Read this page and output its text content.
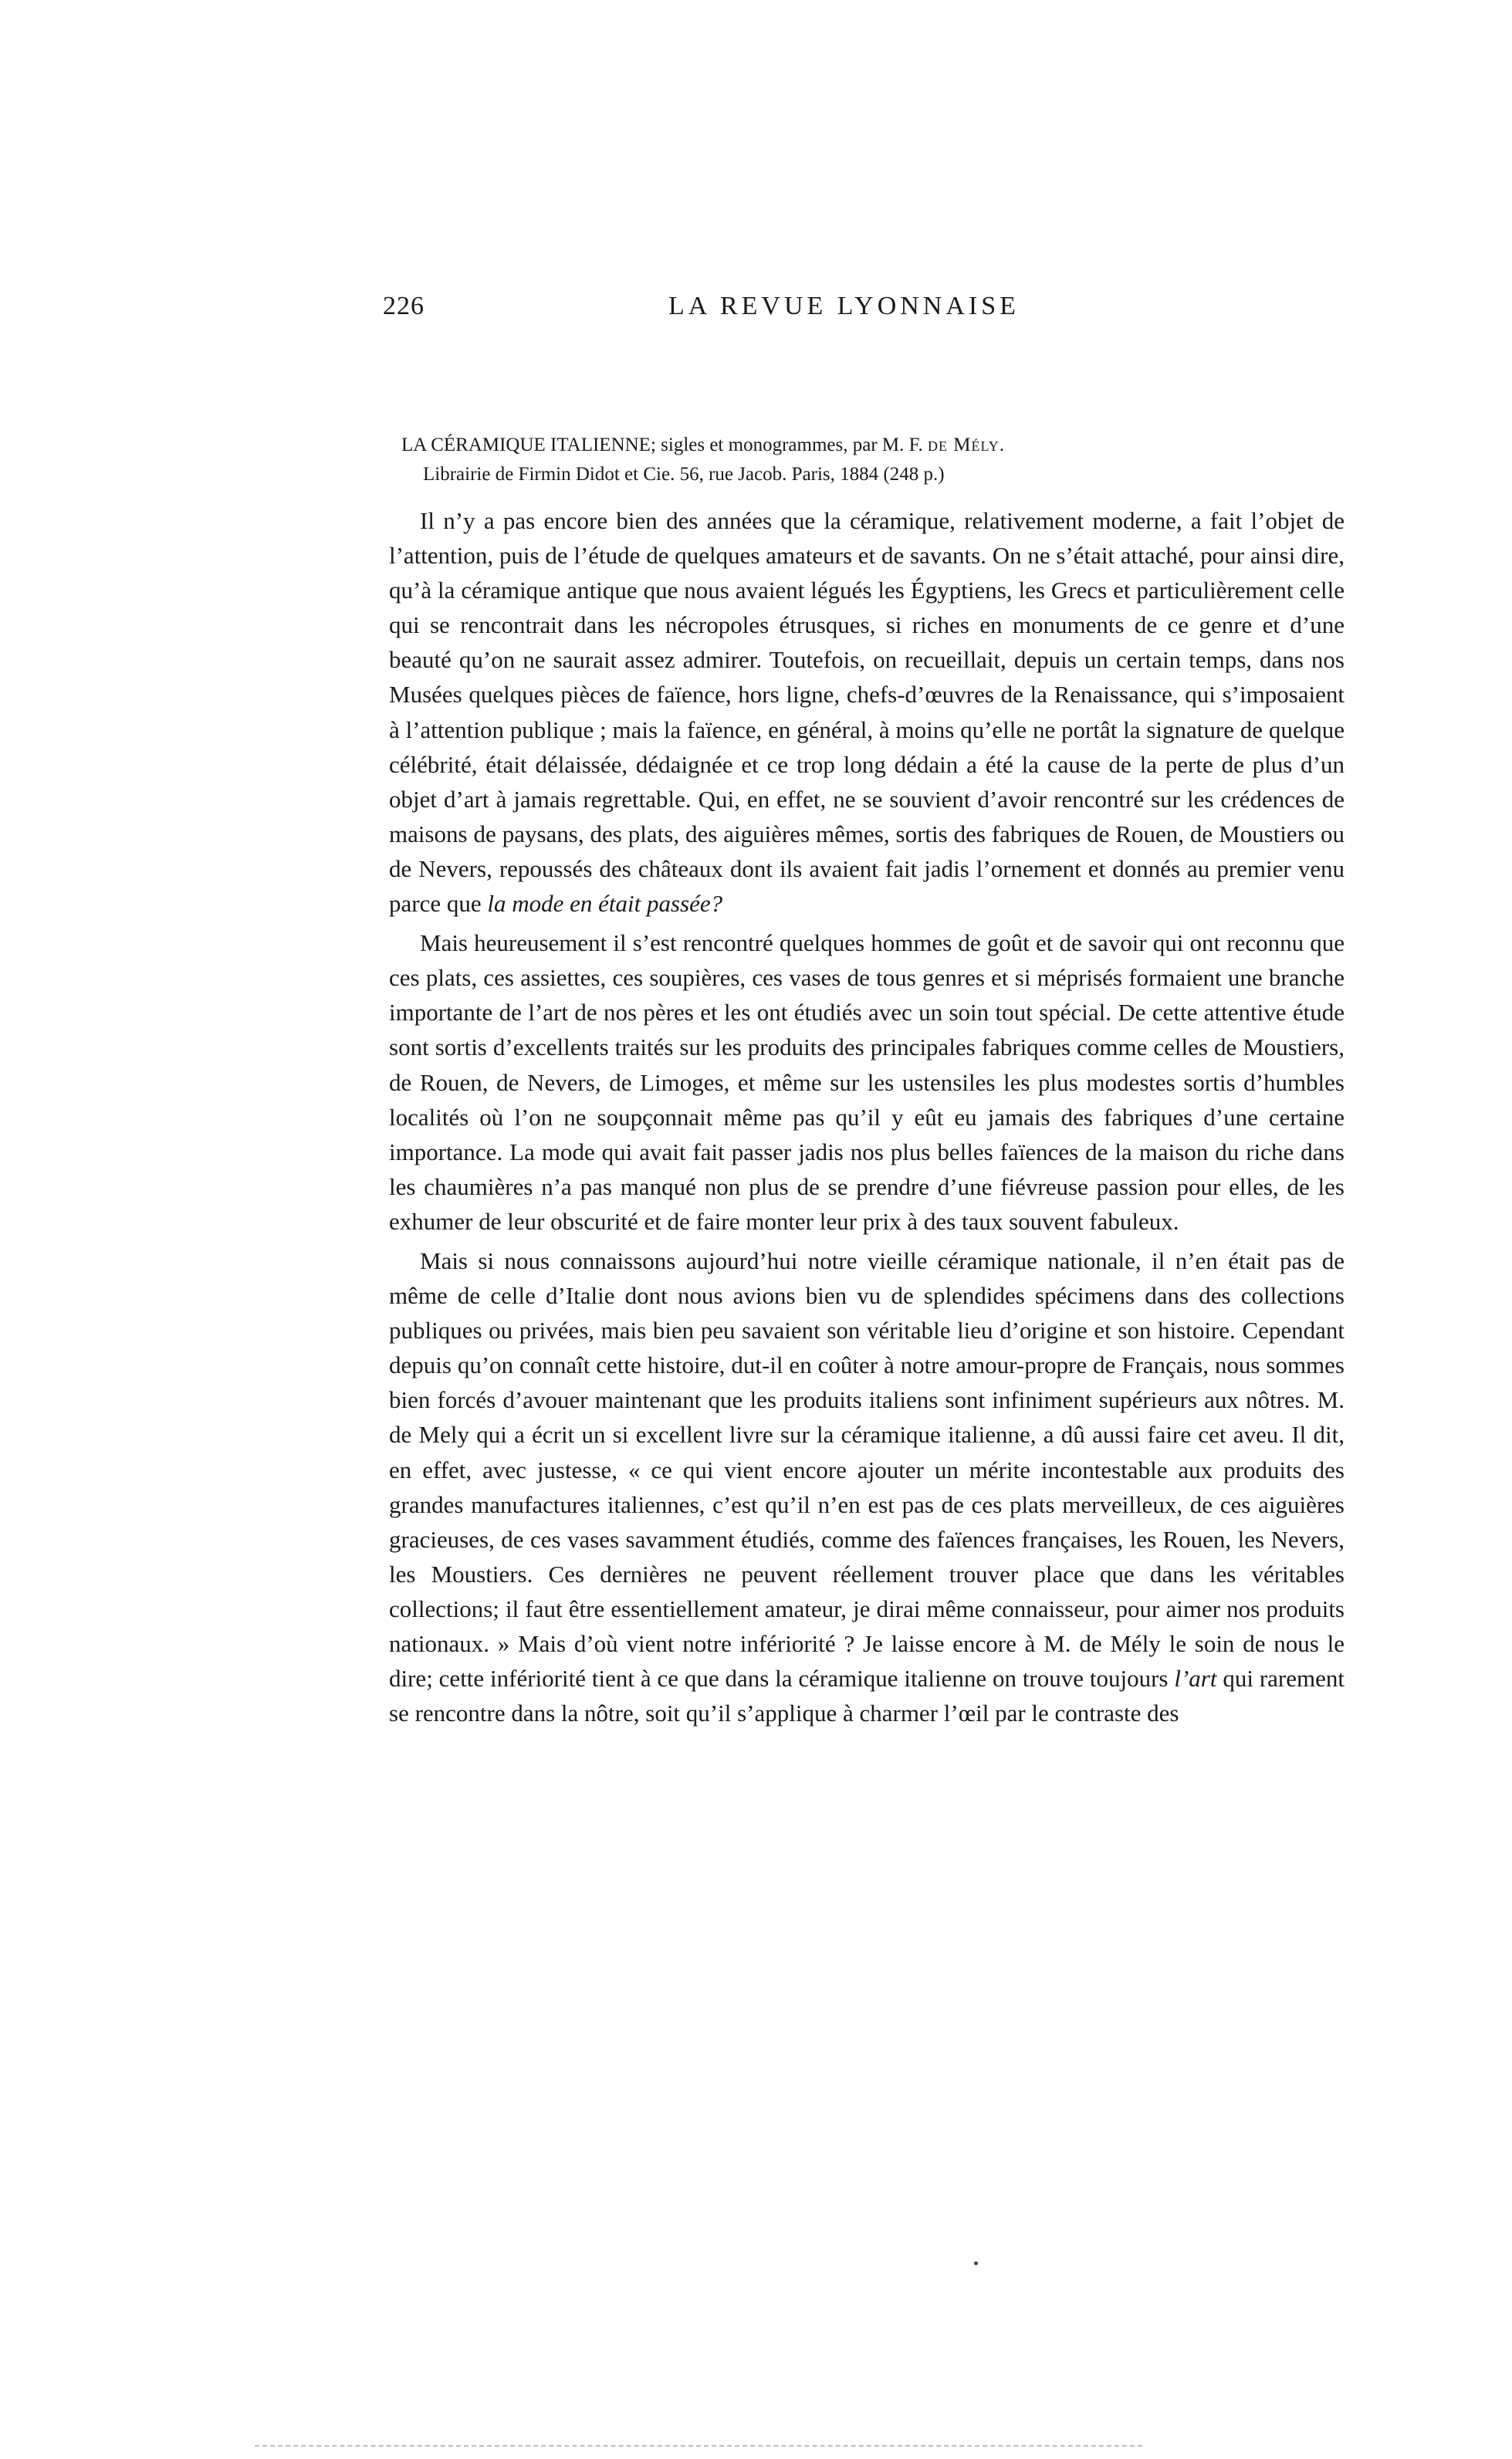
226	LA REVUE LYONNAISE
LA CÉRAMIQUE ITALIENNE; sigles et monogrammes, par M. F. de Mély.
Librairie de Firmin Didot et Cie. 56, rue Jacob. Paris, 1884 (248 p.)

Il n’y a pas encore bien des années que la céramique, relativement moderne, a fait l’objet de l’attention, puis de l’étude de quelques amateurs et de savants. On ne s’était attaché, pour ainsi dire, qu’à la céramique antique que nous avaient légués les Égyptiens, les Grecs et particulièrement celle qui se rencontrait dans les nécropoles étrusques, si riches en monuments de ce genre et d’une beauté qu’on ne saurait assez admirer. Toutefois, on recueillait, depuis un certain temps, dans nos Musées quelques pièces de faïence, hors ligne, chefs-d’œuvres de la Renaissance, qui s’imposaient à l’attention publique ; mais la faïence, en général, à moins qu’elle ne portât la signature de quelque célébrité, était délaissée, dédaignée et ce trop long dédain a été la cause de la perte de plus d’un objet d’art à jamais regrettable. Qui, en effet, ne se souvient d’avoir rencontré sur les crédences de maisons de paysans, des plats, des aiguières mêmes, sortis des fabriques de Rouen, de Moustiers ou de Nevers, repoussés des châteaux dont ils avaient fait jadis l’ornement et donnés au premier venu parce que la mode en était passée?

Mais heureusement il s’est rencontré quelques hommes de goût et de savoir qui ont reconnu que ces plats, ces assiettes, ces soupières, ces vases de tous genres et si méprisés formaient une branche importante de l’art de nos pères et les ont étudiés avec un soin tout spécial. De cette attentive étude sont sortis d’excellents traités sur les produits des principales fabriques comme celles de Moustiers, de Rouen, de Nevers, de Limoges, et même sur les ustensiles les plus modestes sortis d’humbles localités où l’on ne soupçonnait même pas qu’il y eût eu jamais des fabriques d’une certaine importance. La mode qui avait fait passer jadis nos plus belles faïences de la maison du riche dans les chaumières n’a pas manqué non plus de se prendre d’une fiévreuse passion pour elles, de les exhumer de leur obscurité et de faire monter leur prix à des taux souvent fabuleux.

Mais si nous connaissons aujourd’hui notre vieille céramique nationale, il n’en était pas de même de celle d’Italie dont nous avions bien vu de splendides spécimens dans des collections publiques ou privées, mais bien peu savaient son véritable lieu d’origine et son histoire. Cependant depuis qu’on connaît cette histoire, dut-il en coûter à notre amour-propre de Français, nous sommes bien forcés d’avouer maintenant que les produits italiens sont infiniment supérieurs aux nôtres. M. de Mely qui a écrit un si excellent livre sur la céramique italienne, a dû aussi faire cet aveu. Il dit, en effet, avec justesse, « ce qui vient encore ajouter un mérite incontestable aux produits des grandes manufactures italiennes, c’est qu’il n’en est pas de ces plats merveilleux, de ces aiguières gracieuses, de ces vases savamment étudiés, comme des faïences françaises, les Rouen, les Nevers, les Moustiers. Ces dernières ne peuvent réellement trouver place que dans les véritables collections; il faut être essentiellement amateur, je dirai même connaisseur, pour aimer nos produits nationaux. » Mais d’où vient notre infériorité ? Je laisse encore à M. de Mély le soin de nous le dire; cette infériorité tient à ce que dans la céramique italienne on trouve toujours l’art qui rarement se rencontre dans la nôtre, soit qu’il s’applique à charmer l’œil par le contraste des
